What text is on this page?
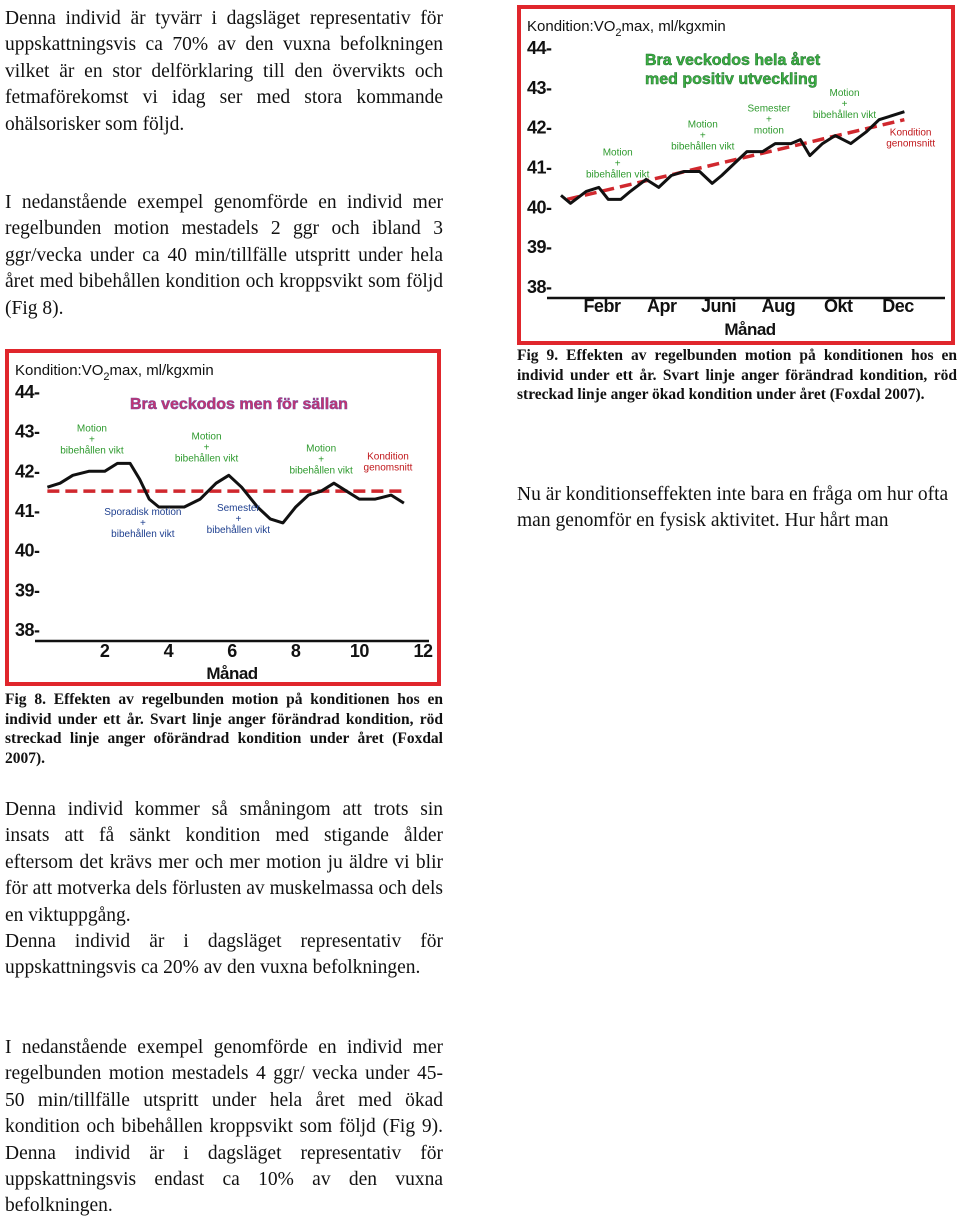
Denna individ är tyvärr i dagsläget representativ för uppskattningsvis ca 70% av den vuxna befolkningen vilket är en stor delförklaring till den övervikts och fetmaförekomst vi idag ser med stora kommande ohälsorisker som följd.

I nedanstående exempel genomförde en individ mer regelbunden motion mestadels 2 ggr och ibland 3 ggr/vecka under ca 40 min/tillfälle utspritt under hela året med bibehållen kondition och kroppsvikt som följd (Fig 8).

$Kondition:VO_2\max$, ml/kgxmin
Bra veckodos men för sällan
38-
39-
40-
41-
42-
43-
44-
2	4	6	8	10 12
Månad
Motion + bibehållen vikt
Motion + bibehållen vikt
Motion + bibehållen vikt
Kondition genomsnitt
Sporadisk motion + bibehållen vikt
Semester + bibehållen vikt

Fig 8. Effekten av regelbunden motion på konditionen hos en individ under ett år. Svart linje anger förändrad kondition, röd streckad linje anger oförändrad kondition under året (Foxdal 2007).

Denna individ kommer så småningom att trots sin insats att få sänkt kondition med stigande ålder eftersom det krävs mer och mer motion ju äldre vi blir för att motverka dels förlusten av muskelmassa och dels en viktuppgång.

Denna individ är i dagsläget representativ för uppskattningsvis ca 20% av den vuxna befolkningen.

I nedanstående exempel genomförde en individ mer regelbunden motion mestadels 4 ggr/ vecka under 45-50 min/tillfälle utspritt under hela året med ökad kondition och bibehållen kroppsvikt som följd (Fig 9). Denna individ är i dagsläget representativ för uppskattningsvis endast ca 10% av den vuxna befolkningen.

$Kondition:VO_2\max$, ml/kgxmin
Bra veckodos hela året
med positiv utveckling
38-
39-
40-
41-
42-
43-
44-
Febr Apr Juni Aug Okt Dec
Månad
Motion + bibehållen vikt
Motion + bibehållen vikt
Semester + motion
Motion + bibehållen vikt
Kondition genomsnitt

Fig 9. Effekten av regelbunden motion på konditionen hos en individ under ett år. Svart linje anger förändrad kondition, röd streckad linje anger ökad kondition under året (Foxdal 2007).

Nu är konditionseffekten inte bara en fråga om hur ofta man genomför en fysisk aktivitet. Hur hårt man
